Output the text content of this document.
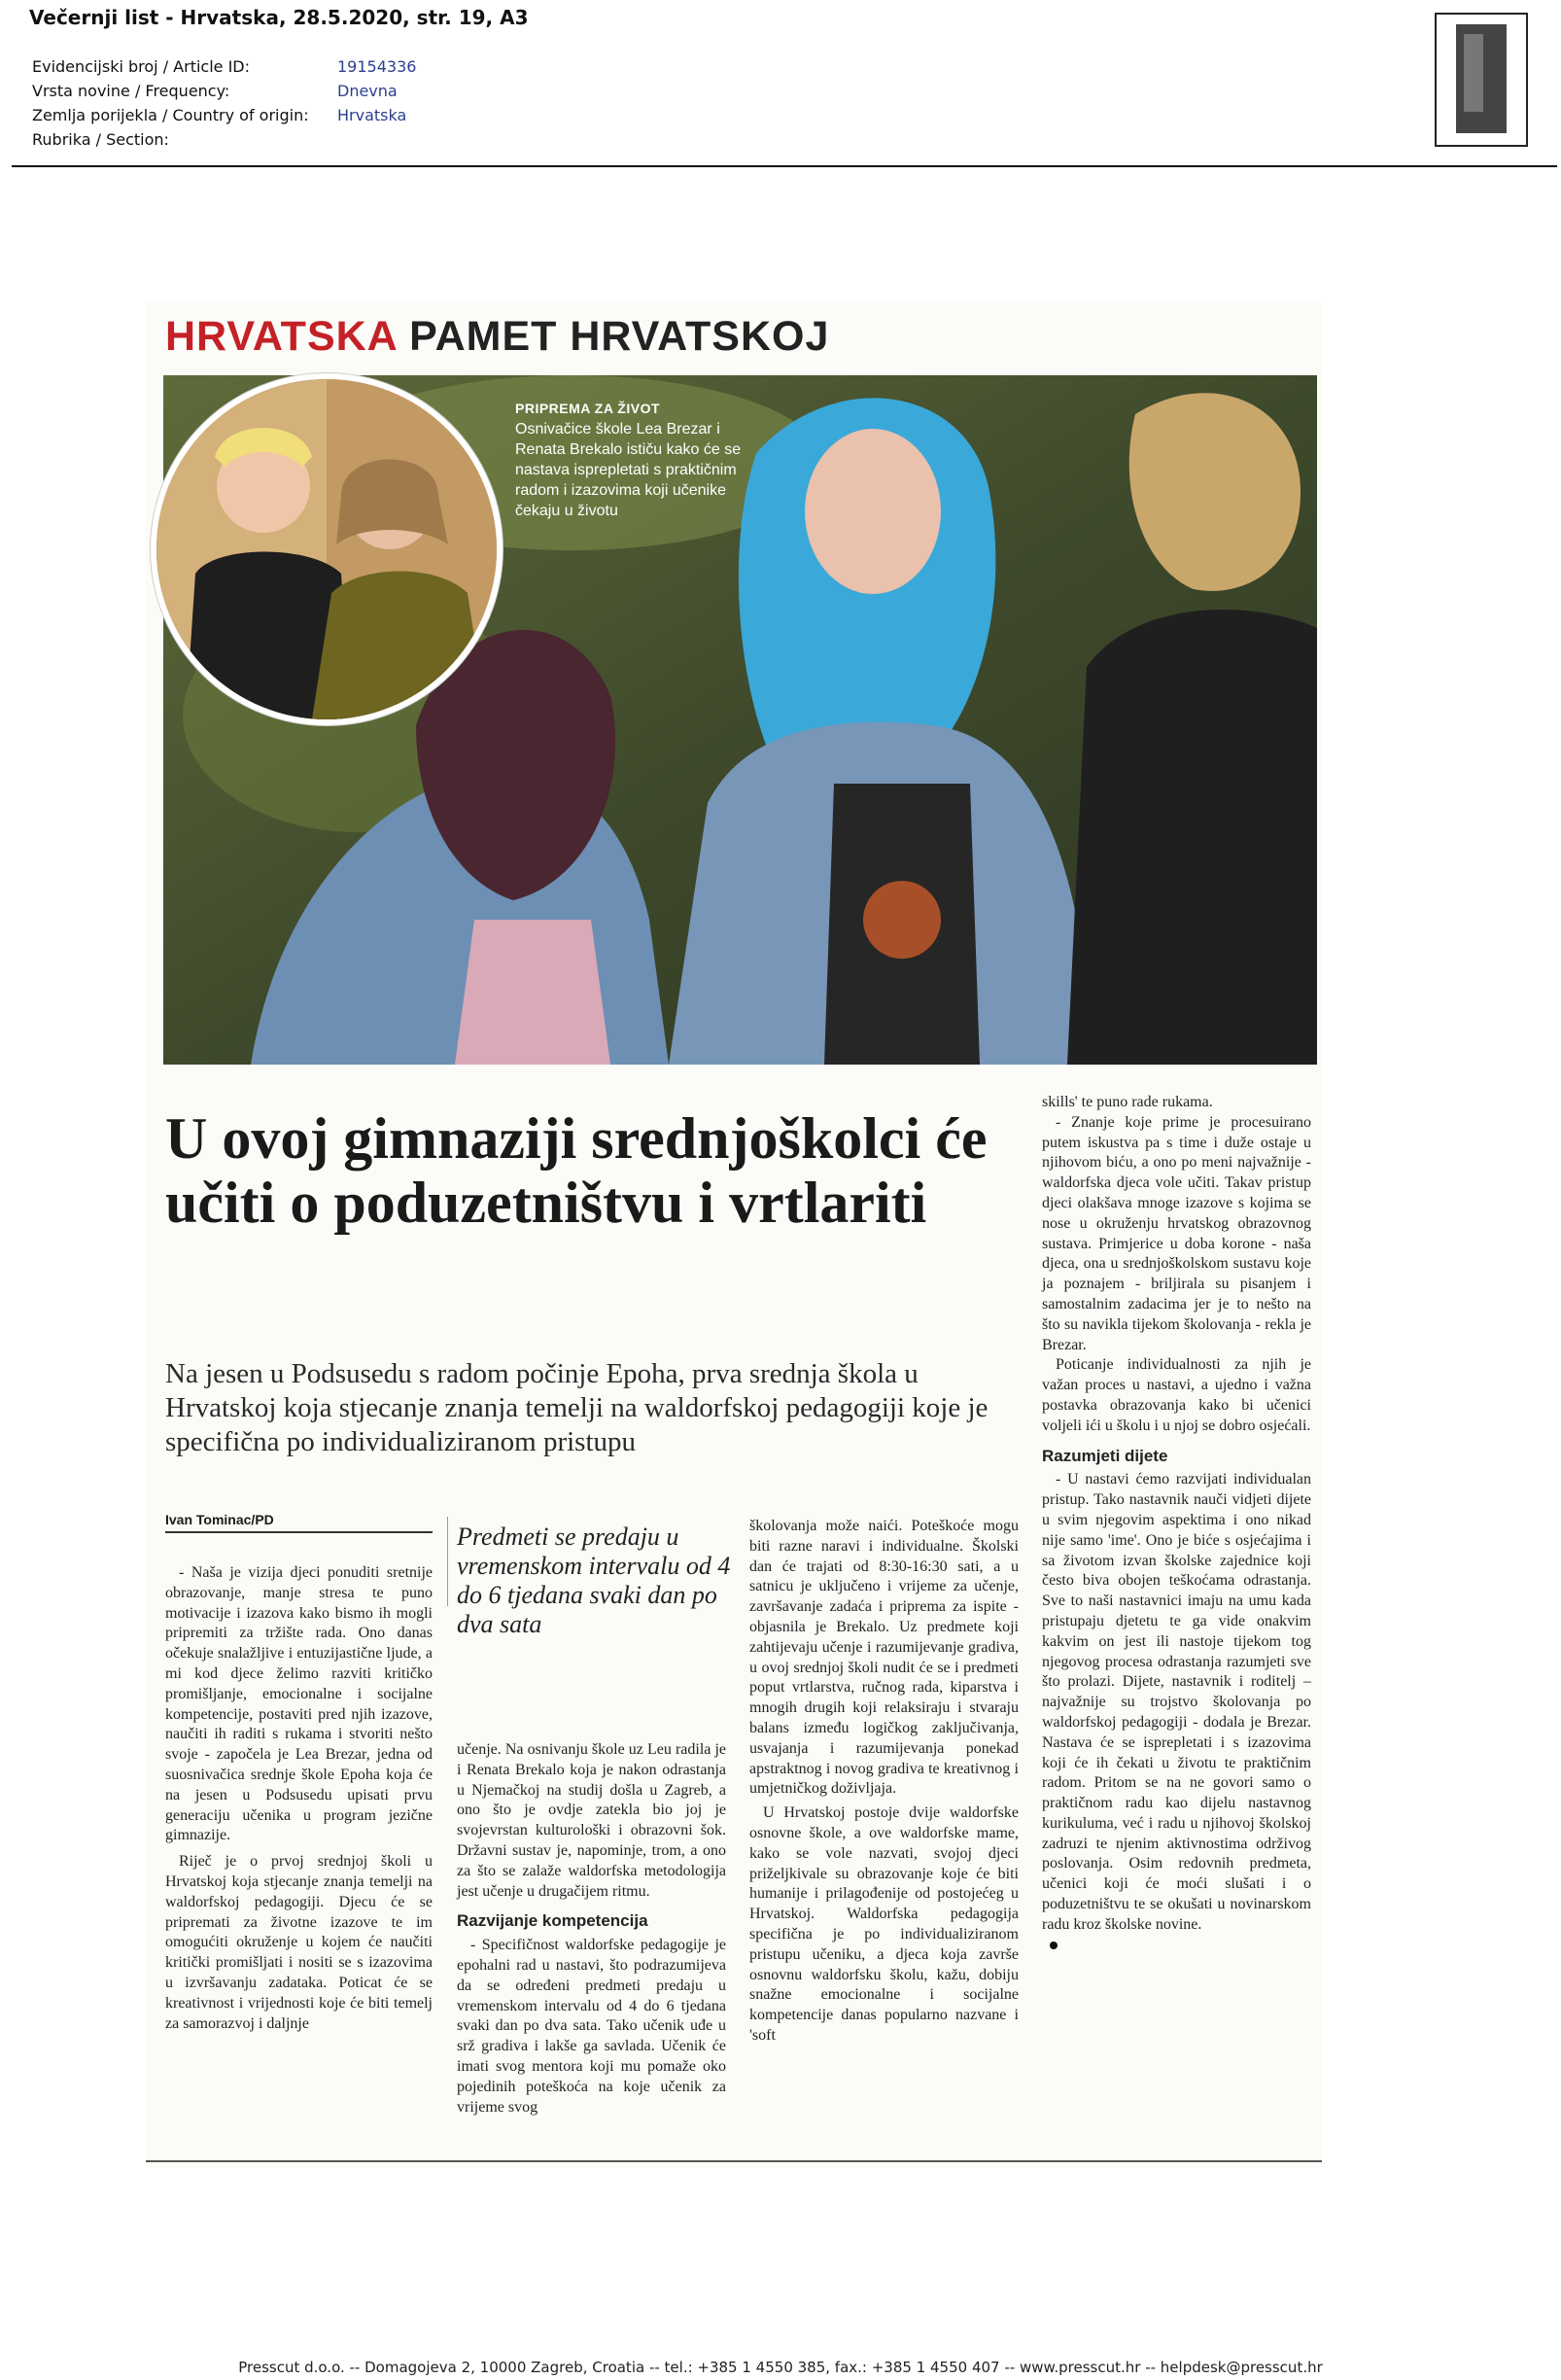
Večernji list - Hrvatska, 28.5.2020, str. 19, A3
Evidencijski broj / Article ID:	19154336
Vrsta novine / Frequency:	Dnevna
Zemlja porijekla / Country of origin:	Hrvatska
Rubrika / Section:
HRVATSKA PAMET HRVATSKOJ
PRIPREMA ZA ŽIVOT
Osnivačice škole Lea Brezar i Renata Brekalo ističu kako će se nastava isprepletati s praktičnim radom i izazovima koji učenike čekaju u životu
U ovoj gimnaziji srednjoškolci će učiti o poduzetništvu i vrtlariti
Na jesen u Podsusedu s radom počinje Epoha, prva srednja škola u Hrvatskoj koja stjecanje znanja temelji na waldorfskoj pedagogiji koje je specifična po individualiziranom pristupu
Ivan Tominac/PD

- Naša je vizija djeci ponuditi sretnije obrazovanje, manje stresa te puno motivacije i izazova kako bismo ih mogli pripremiti za tržište rada. Ono danas očekuje snalažljive i entuzijastične ljude, a mi kod djece želimo razviti kritičko promišljanje, emocionalne i socijalne kompetencije, postaviti pred njih izazove, naučiti ih raditi s rukama i stvoriti nešto svoje - započela je Lea Brezar, jedna od suosnivačica srednje škole Epoha koja će na jesen u Podsusedu upisati prvu generaciju učenika u program jezične gimnazije.

Riječ je o prvoj srednjoj školi u Hrvatskoj koja stjecanje znanja temelji na waldorfskoj pedagogiji. Djecu će se pripremati za životne izazove te im omogućiti okruženje u kojem će naučiti kritički promišljati i nositi se s izazovima u izvršavanju zadataka. Poticat će se kreativnost i vrijednosti koje će biti temelj za samorazvoj i daljnje

Predmeti se predaju u vremenskom intervalu od 4 do 6 tjedana svaki dan po dva sata

učenje. Na osnivanju škole uz Leu radila je i Renata Brekalo koja je nakon odrastanja u Njemačkoj na studij došla u Zagreb, a ono što je ovdje zatekla bio joj je svojevrstan kulturološki i obrazovni šok. Državni sustav je, napominje, trom, a ono za što se zalaže waldorfska metodologija jest učenje u drugačijem ritmu.

Razvijanje kompetencija

- Specifičnost waldorfske pedagogije je epohalni rad u nastavi, što podrazumijeva da se određeni predmeti predaju u vremenskom intervalu od 4 do 6 tjedana svaki dan po dva sata. Tako učenik uđe u srž gradiva i lakše ga savlada. Učenik će imati svog mentora koji mu pomaže oko pojedinih poteškoća na koje učenik za vrijeme svog

školovanja može naići. Poteškoće mogu biti razne naravi i individualne. Školski dan će trajati od 8:30-16:30 sati, a u satnicu je uključeno i vrijeme za učenje, završavanje zadaća i priprema za ispite - objasnila je Brekalo. Uz predmete koji zahtijevaju učenje i razumijevanje gradiva, u ovoj srednjoj školi nudit će se i predmeti poput vrtlarstva, ručnog rada, kiparstva i mnogih drugih koji relaksiraju i stvaraju balans između logičkog zaključivanja, usvajanja i razumijevanja ponekad apstraktnog i novog gradiva te kreativnog i umjetničkog doživljaja.

U Hrvatskoj postoje dvije waldorfske osnovne škole, a ove waldorfske mame, kako se vole nazvati, svojoj djeci priželjkivale su obrazovanje koje će biti humanije i prilagođenije od postojećeg u Hrvatskoj. Waldorfska pedagogija specifična je po individualiziranom pristupu učeniku, a djeca koja završe osnovnu waldorfsku školu, kažu, dobiju snažne emocionalne i socijalne kompetencije danas popularno nazvane i 'soft

skills' te puno rade rukama.

- Znanje koje prime je procesuirano putem iskustva pa s time i duže ostaje u njihovom biću, a ono po meni najvažnije - waldorfska djeca vole učiti. Takav pristup djeci olakšava mnoge izazove s kojima se nose u okruženju hrvatskog obrazovnog sustava. Primjerice u doba korone - naša djeca, ona u srednjoškolskom sustavu koje ja poznajem - briljirala su pisanjem i samostalnim zadacima jer je to nešto na što su navikla tijekom školovanja - rekla je Brezar.

Poticanje individualnosti za njih je važan proces u nastavi, a ujedno i važna postavka obrazovanja kako bi učenici voljeli ići u školu i u njoj se dobro osjećali.

Razumjeti dijete

- U nastavi ćemo razvijati individualan pristup. Tako nastavnik nauči vidjeti dijete u svim njegovim aspektima i ono nikad nije samo 'ime'. Ono je biće s osjećajima i sa životom izvan školske zajednice koji često biva obojen teškoćama odrastanja. Sve to naši nastavnici imaju na umu kada pristupaju djetetu te ga vide onakvim kakvim on jest ili nastoje tijekom tog njegovog procesa odrastanja razumjeti sve što prolazi. Dijete, nastavnik i roditelj – najvažnije su trojstvo školovanja po waldorfskoj pedagogiji - dodala je Brezar. Nastava će se isprepletati i s izazovima koji će ih čekati u životu te praktičnim radom. Pritom se na ne govori samo o praktičnom radu kao dijelu nastavnog kurikuluma, već i radu u njihovoj školskoj zadruzi te njenim aktivnostima održivog poslovanja. Osim redovnih predmeta, učenici koji će moći slušati i o poduzetništvu te se okušati u novinarskom radu kroz školske novine.

Presscut d.o.o. -- Domagojeva 2, 10000 Zagreb, Croatia -- tel.: +385 1 4550 385, fax.: +385 1 4550 407 -- www.presscut.hr -- helpdesk@presscut.hr
